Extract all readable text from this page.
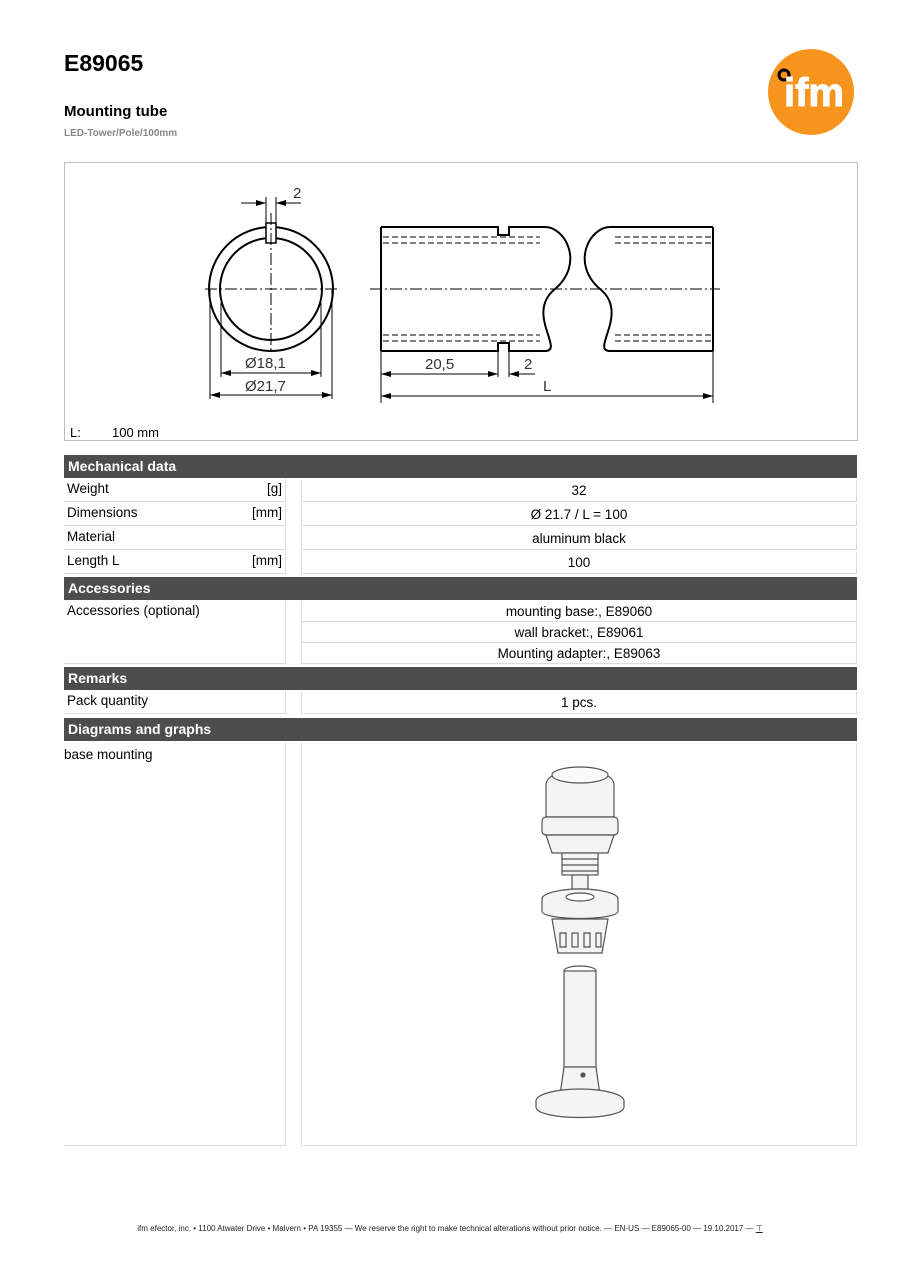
E89065
Mounting tube
LED-Tower/Pole/100mm
ifm
2
Ø18,1
Ø21,7
20,5	2
L
L: 100 mm
Mechanical data
Weight	[g]	32
Dimensions	[mm]	Ø 21.7 / L = 100
Material	aluminum black
Length L	[mm]	100
Accessories
Accessories (optional)	mounting base:, E89060
wall bracket:, E89061
Mounting adapter:, E89063
Remarks
Pack quantity	1 pcs.
Diagrams and graphs
base mounting
ifm efector, inc. • 1100 Atwater Drive • Malvern • PA 19355 — We reserve the right to make technical alterations without prior notice. — EN-US — E89065-00 — 19.10.2017 — ⊤
